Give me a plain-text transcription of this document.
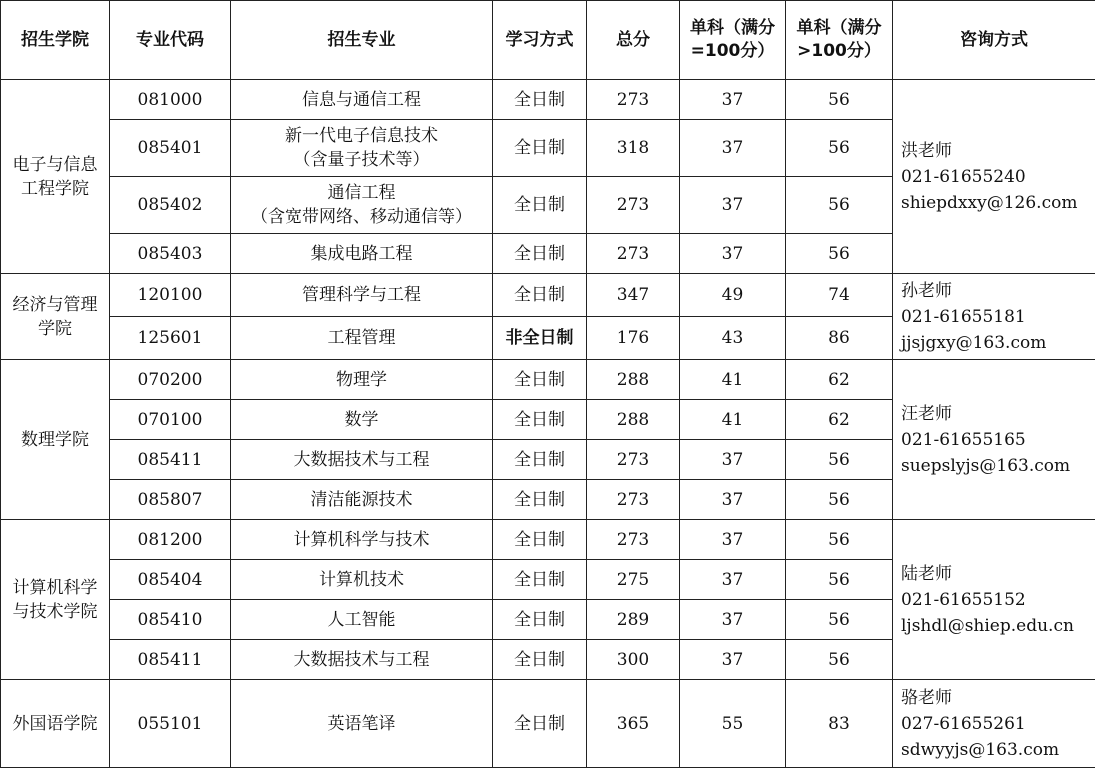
招生学院	专业代码	招生专业	学习方式	总分	单科（满分=100分）	单科（满分>100分）	咨询方式
电子与信息工程学院	081000	信息与通信工程	全日制	273	37	56	洪老师
021-61655240
shiepdxxy@126.com

	085401	新一代电子信息技术
（含量子技术等）	全日制	318	37	56	
	085402	通信工程
（含宽带网络、移动通信等）	全日制	273	37	56	
	085403	集成电路工程	全日制	273	37	56	
经济与管理学院	120100	管理科学与工程	全日制	347	49	74	孙老师
021-61655181
jjsjgxy@163.com

	125601	工程管理	非全日制	176	43	86	
数理学院	070200	物理学	全日制	288	41	62	汪老师
021-61655165
suepslyjs@163.com

	070100	数学	全日制	288	41	62	
	085411	大数据技术与工程	全日制	273	37	56	
	085807	清洁能源技术	全日制	273	37	56	
计算机科学与技术学院	081200	计算机科学与技术	全日制	273	37	56	陆老师
021-61655152
ljshdl@shiep.edu.cn

	085404	计算机技术	全日制	275	37	56	
	085410	人工智能	全日制	289	37	56	
	085411	大数据技术与工程	全日制	300	37	56	
外国语学院	055101	英语笔译	全日制	365	55	83	骆老师
027-61655261
sdwyyjs@163.com
